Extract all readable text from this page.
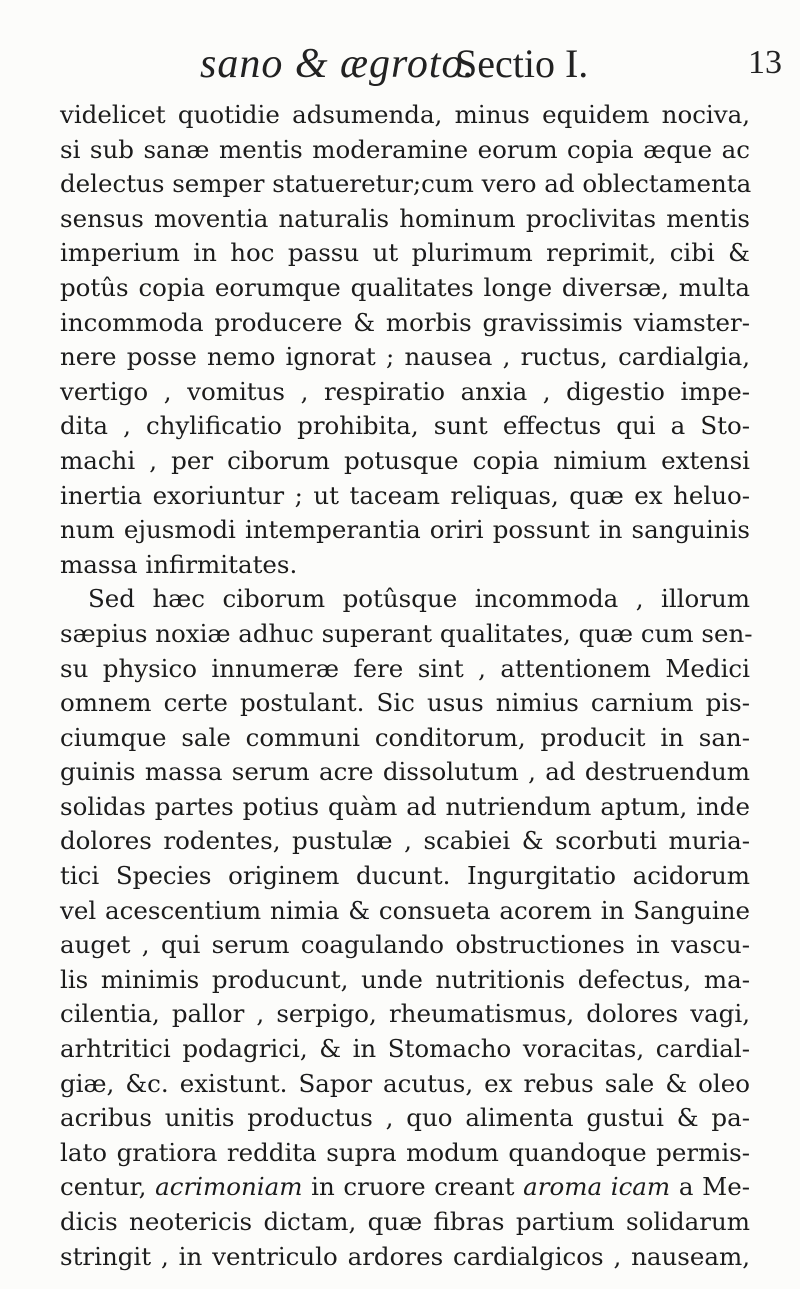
sano & ægroto.
Sectio I.	13
videlicet quotidie adsumenda, minus equidem nociva,
si sub sanæ mentis moderamine eorum copia æque ac
delectus semper statueretur;cum vero ad oblectamenta
sensus moventia naturalis hominum proclivitas mentis
imperium in hoc passu ut plurimum reprimit, cibi &
potûs copia eorumque qualitates longe diversæ, multa
incommoda producere & morbis gravissimis viamster-
nere posse nemo ignorat ; nausea , ructus, cardialgia,
vertigo , vomitus , respiratio anxia , digestio impe-
dita , chylificatio prohibita, sunt effectus qui a Sto-
machi , per ciborum potusque copia nimium extensi
inertia exoriuntur ; ut taceam reliquas, quæ ex heluo-
num ejusmodi intemperantia oriri possunt in sanguinis
massa infirmitates.
Sed hæc ciborum potûsque incommoda , illorum
sæpius noxiæ adhuc superant qualitates, quæ cum sen-
su physico innumeræ fere sint , attentionem Medici
omnem certe postulant. Sic usus nimius carnium pis-
ciumque sale communi conditorum, producit in san-
guinis massa serum acre dissolutum , ad destruendum
solidas partes potius quàm ad nutriendum aptum, inde
dolores rodentes, pustulæ , scabiei & scorbuti muria-
tici Species originem ducunt. Ingurgitatio acidorum
vel acescentium nimia & consueta acorem in Sanguine
auget , qui serum coagulando obstructiones in vascu-
lis minimis producunt, unde nutritionis defectus, ma-
cilentia, pallor , serpigo, rheumatismus, dolores vagi,
arhtritici podagrici, & in Stomacho voracitas, cardial-
giæ, &c. existunt. Sapor acutus, ex rebus sale & oleo
acribus unitis productus , quo alimenta gustui & pa-
lato gratiora reddita supra modum quandoque permis-
centur, acrimoniam in cruore creant aroma icam a Me-
dicis neotericis dictam, quæ fibras partium solidarum
stringit , in ventriculo ardores cardialgicos , nauseam,
